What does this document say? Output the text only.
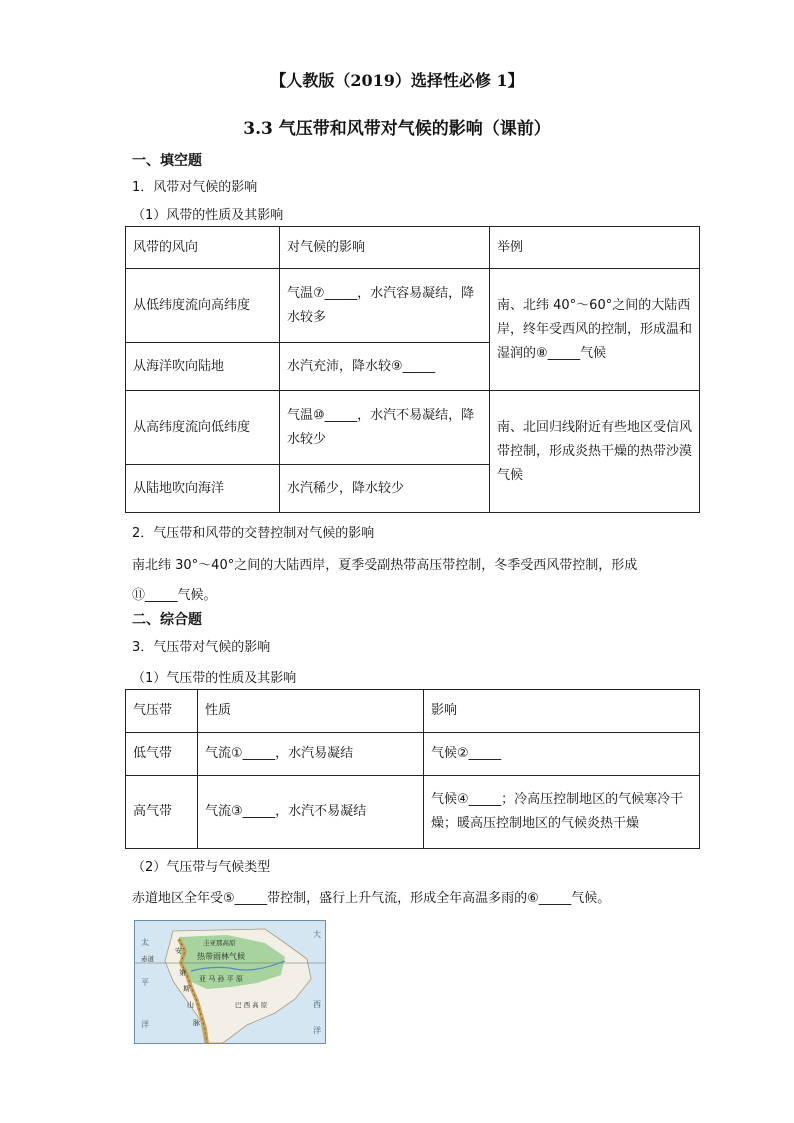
【人教版（2019）选择性必修 1】
3.3 气压带和风带对气候的影响（课前）
一、填空题
1．风带对气候的影响
（1）风带的性质及其影响
风带的风向	对气候的影响	举例
从低纬度流向高纬度	气温⑦_____，水汽容易凝结，降水较多	南、北纬 40°～60°之间的大陆西岸，终年受西风的控制，形成温和湿润的⑧_____气候
从海洋吹向陆地	水汽充沛，降水较⑨_____	
从高纬度流向低纬度	气温⑩_____，水汽不易凝结，降水较少	南、北回归线附近有些地区受信风带控制，形成炎热干燥的热带沙漠气候
从陆地吹向海洋	水汽稀少，降水较少	
2．气压带和风带的交替控制对气候的影响
南北纬 30°～40°之间的大陆西岸，夏季受副热带高压带控制，冬季受西风带控制，形成
⑪_____气候。
二、综合题
3．气压带对气候的影响
（1）气压带的性质及其影响
气压带	性质	影响
低气带	气流①_____，水汽易凝结	气候②_____
高气带	气流③_____，水汽不易凝结	气候④_____；冷高压控制地区的气候寒冷干燥；暖高压控制地区的气候炎热干燥
（2）气压带与气候类型
赤道地区全年受⑤_____带控制，盛行上升气流，形成全年高温多雨的⑥_____气候。
圭亚那高原
热带雨林气候
赤道
亚 马 孙 平 原
巴 西 高 原
安
第
斯
山
脉
太
平
洋
大
西
洋
